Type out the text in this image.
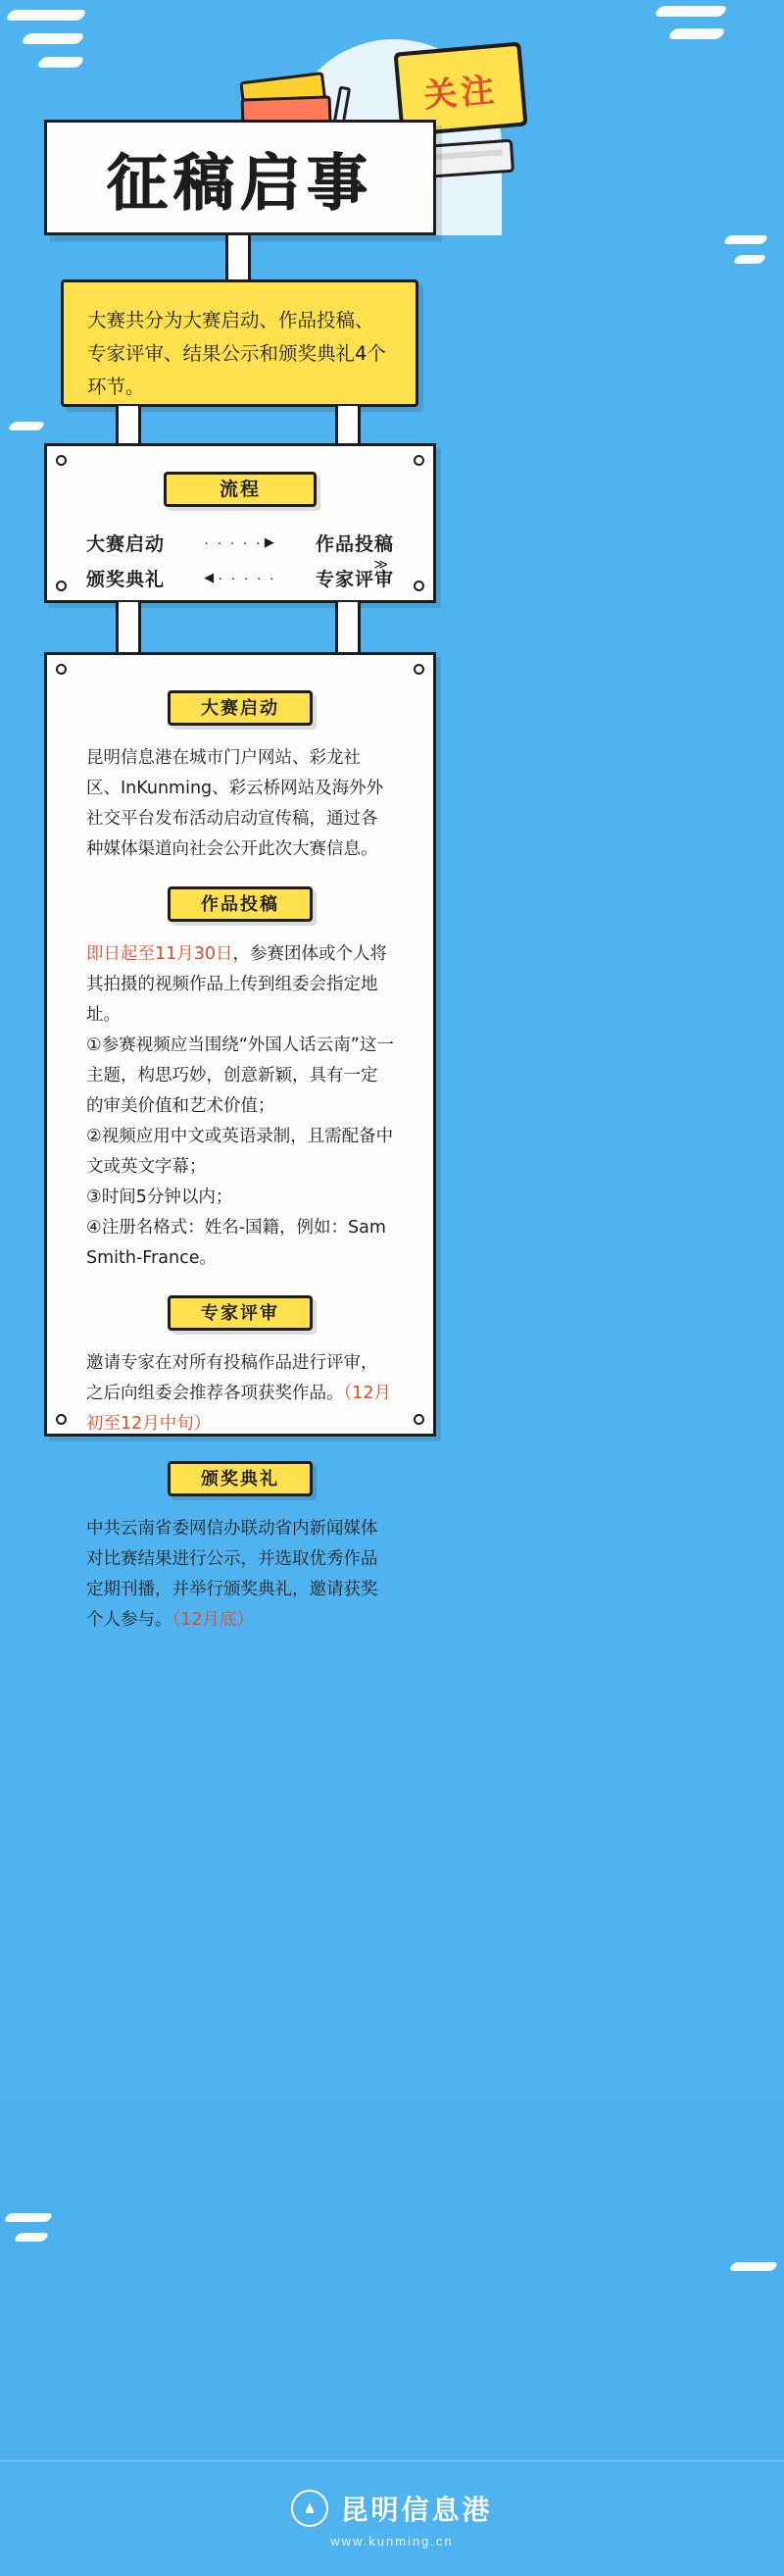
关注
征稿启事

大赛共分为大赛启动、作品投稿、专家评审、结果公示和颁奖典礼4个环节。

流程
大赛启动	· · · · · ▶	作品投稿
颁奖典礼	◀ · · · · ·	专家评审
≫
大赛启动

昆明信息港在城市门户网站、彩龙社区、InKunming、彩云桥网站及海外外社交平台发布活动启动宣传稿，通过各种媒体渠道向社会公开此次大赛信息。

作品投稿

即日起至11月30日，参赛团体或个人将其拍摄的视频作品上传到组委会指定地址。

①参赛视频应当围绕“外国人话云南”这一主题，构思巧妙，创意新颖，具有一定的审美价值和艺术价值；

②视频应用中文或英语录制，且需配备中文或英文字幕；

③时间5分钟以内；

④注册名格式：姓名-国籍，例如：Sam Smith-France。

专家评审

邀请专家在对所有投稿作品进行评审，之后向组委会推荐各项获奖作品。（12月初至12月中旬）

颁奖典礼

中共云南省委网信办联动省内新闻媒体对比赛结果进行公示，并选取优秀作品定期刊播，并举行颁奖典礼，邀请获奖个人参与。（12月底）

昆明信息港
www.kunming.cn
